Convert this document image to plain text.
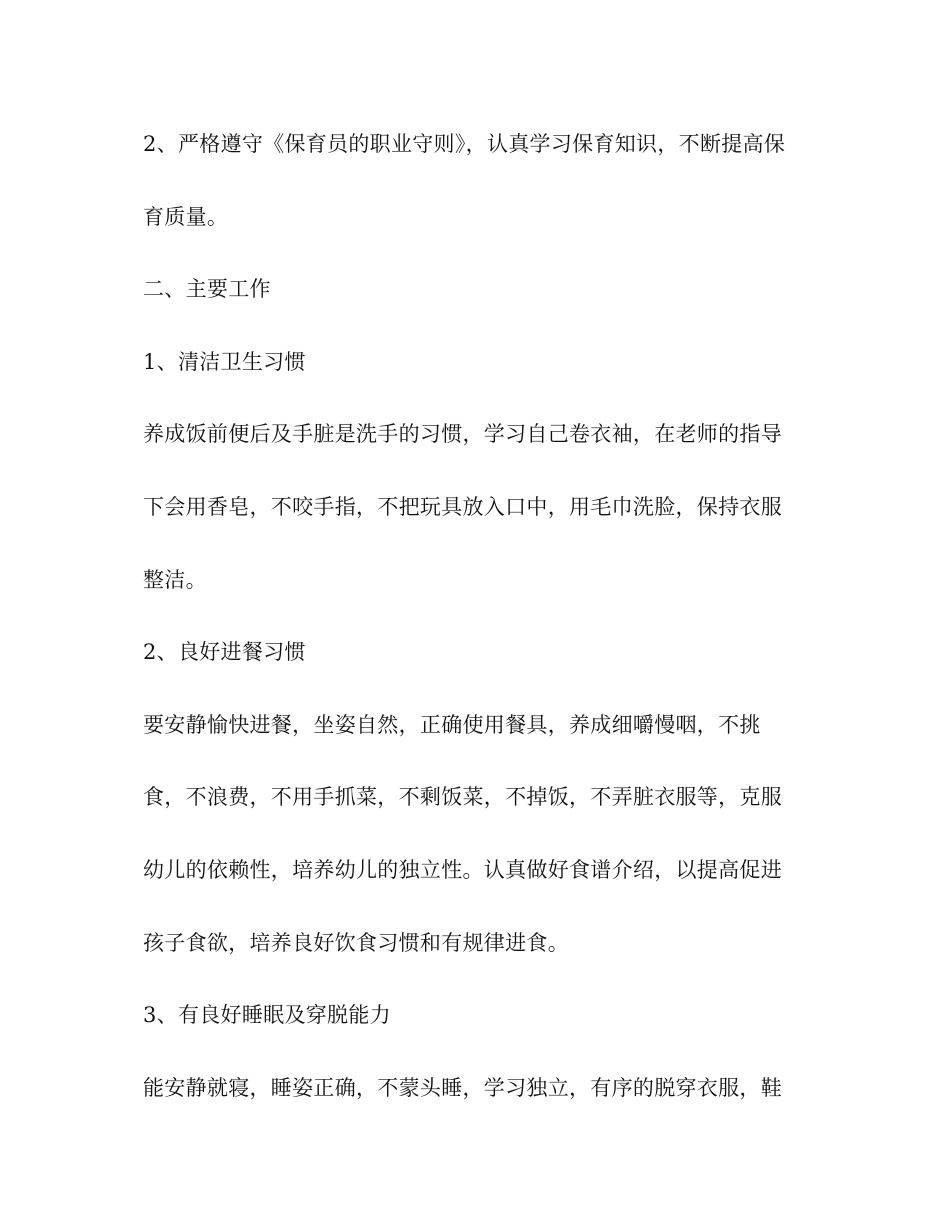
2、严格遵守《保育员的职业守则》，认真学习保育知识，不断提高保
育质量。
二、主要工作
1、清洁卫生习惯
养成饭前便后及手脏是洗手的习惯，学习自己卷衣袖，在老师的指导
下会用香皂，不咬手指，不把玩具放入口中，用毛巾洗脸，保持衣服
整洁。
2、良好进餐习惯
要安静愉快进餐，坐姿自然，正确使用餐具，养成细嚼慢咽，不挑
食，不浪费，不用手抓菜，不剩饭菜，不掉饭，不弄脏衣服等，克服
幼儿的依赖性，培养幼儿的独立性。认真做好食谱介绍，以提高促进
孩子食欲，培养良好饮食习惯和有规律进食。
3、有良好睡眠及穿脱能力
能安静就寝，睡姿正确，不蒙头睡，学习独立，有序的脱穿衣服，鞋
